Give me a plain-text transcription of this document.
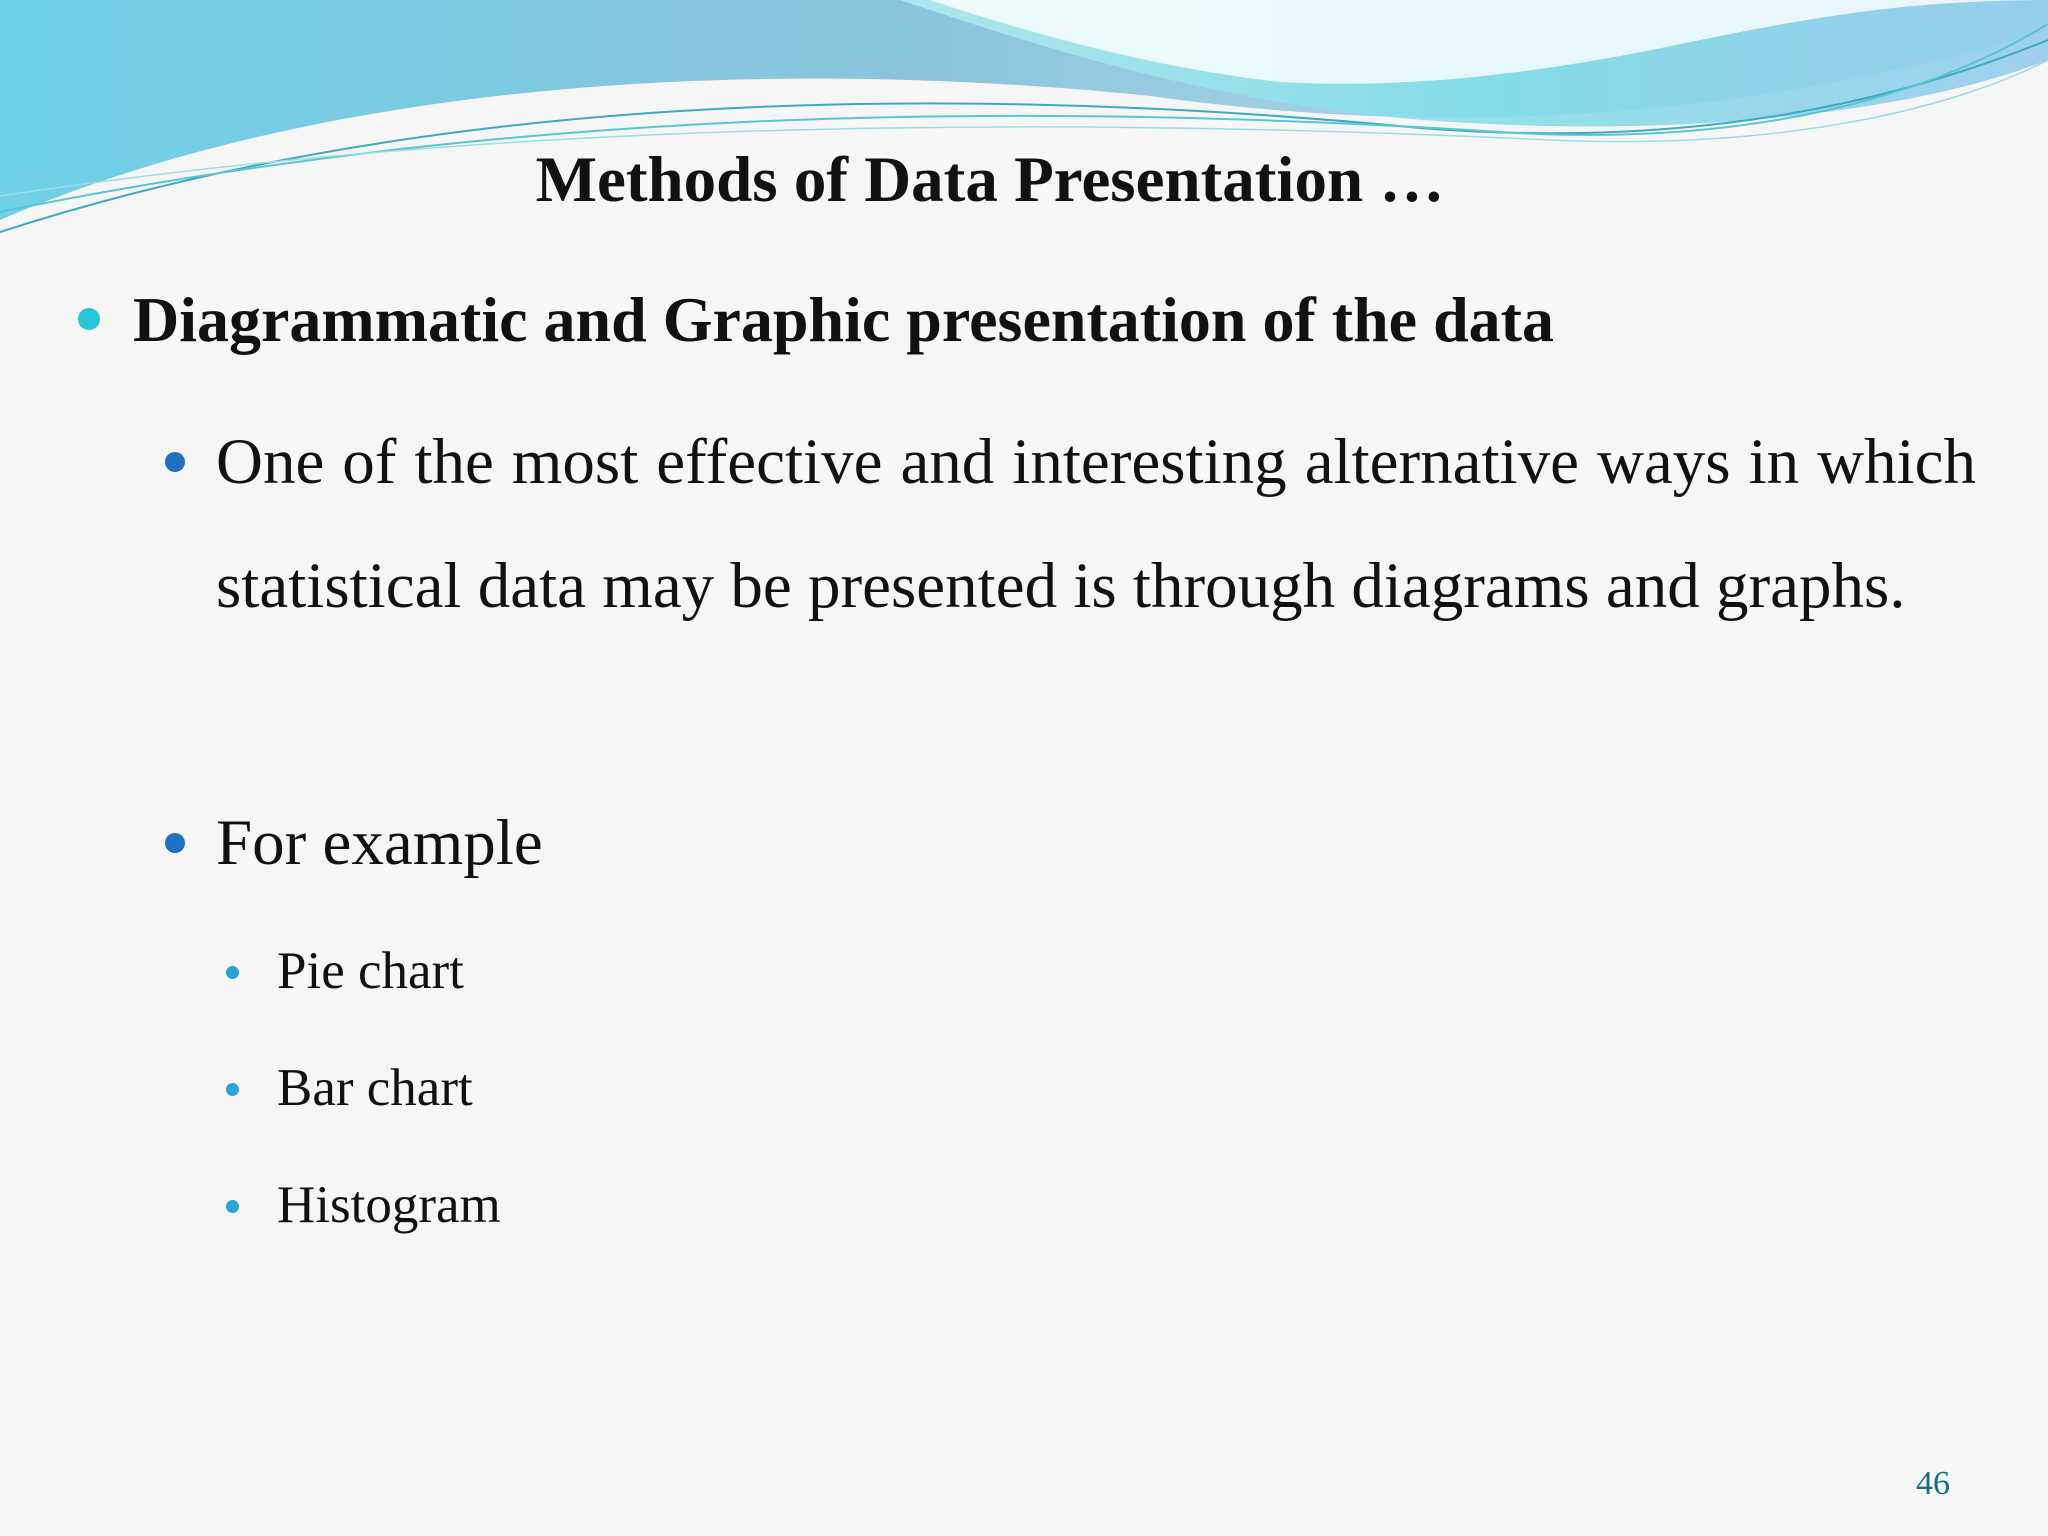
Methods of Data Presentation …
Diagrammatic and Graphic presentation of the data
One of the most effective and interesting alternative ways in which statistical data may be presented is through diagrams and graphs.
For example
Pie chart
Bar chart
Histogram
46
